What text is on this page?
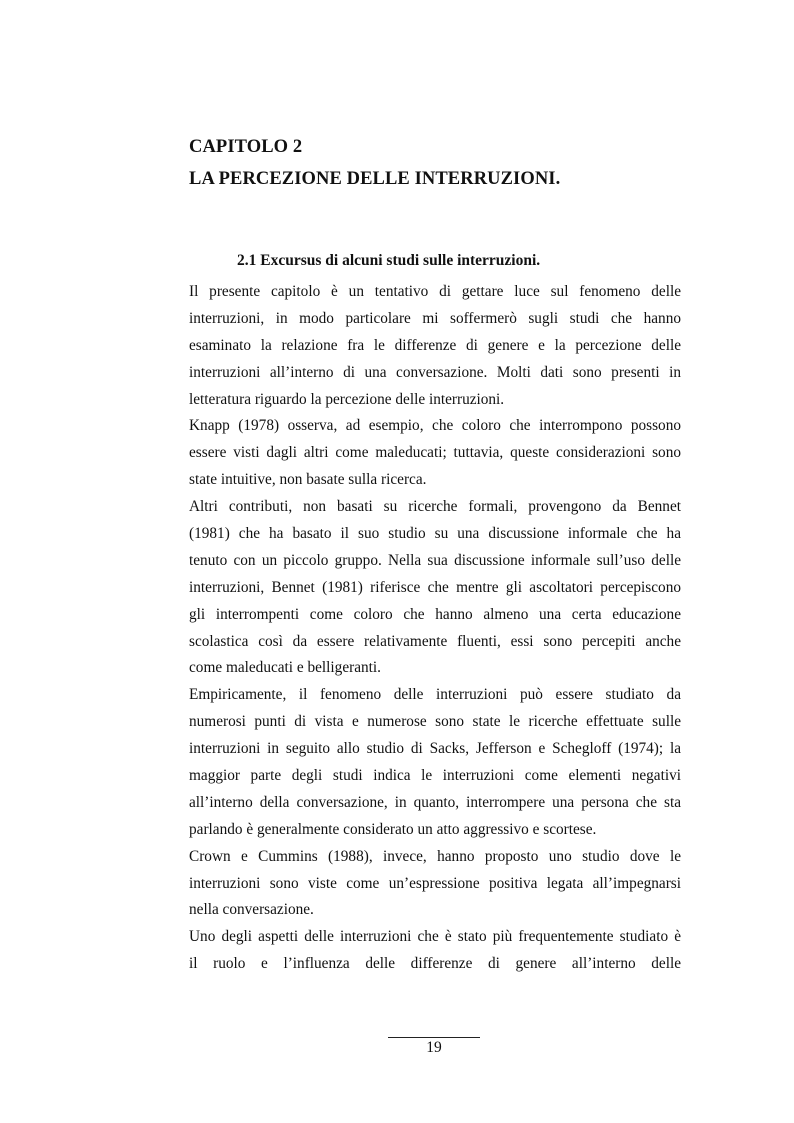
CAPITOLO 2
LA PERCEZIONE DELLE INTERRUZIONI.
2.1 Excursus di alcuni studi sulle interruzioni.
Il presente capitolo è un tentativo di gettare luce sul fenomeno delle
interruzioni, in modo particolare mi soffermerò sugli studi che hanno
esaminato la relazione fra le differenze di genere e la percezione delle
interruzioni all’interno di una conversazione. Molti dati sono presenti in
letteratura riguardo la percezione delle interruzioni.
Knapp (1978) osserva, ad esempio, che coloro che interrompono possono
essere visti dagli altri come maleducati; tuttavia, queste considerazioni sono
state intuitive, non basate sulla ricerca.
Altri contributi, non basati su ricerche formali, provengono da Bennet
(1981) che ha basato il suo studio su una discussione informale che ha
tenuto con un piccolo gruppo. Nella sua discussione informale sull’uso delle
interruzioni, Bennet (1981) riferisce che mentre gli ascoltatori percepiscono
gli interrompenti come coloro che hanno almeno una certa educazione
scolastica così da essere relativamente fluenti, essi sono percepiti anche
come maleducati e belligeranti.
Empiricamente, il fenomeno delle interruzioni può essere studiato da
numerosi punti di vista e numerose sono state le ricerche effettuate sulle
interruzioni in seguito allo studio di Sacks, Jefferson e Schegloff (1974); la
maggior parte degli studi indica le interruzioni come elementi negativi
all’interno della conversazione, in quanto, interrompere una persona che sta
parlando è generalmente considerato un atto aggressivo e scortese.
Crown e Cummins (1988), invece, hanno proposto uno studio dove le
interruzioni sono viste come un’espressione positiva legata all’impegnarsi
nella conversazione.
Uno degli aspetti delle interruzioni che è stato più frequentemente studiato è
il ruolo e l’influenza delle differenze di genere all’interno delle
19
